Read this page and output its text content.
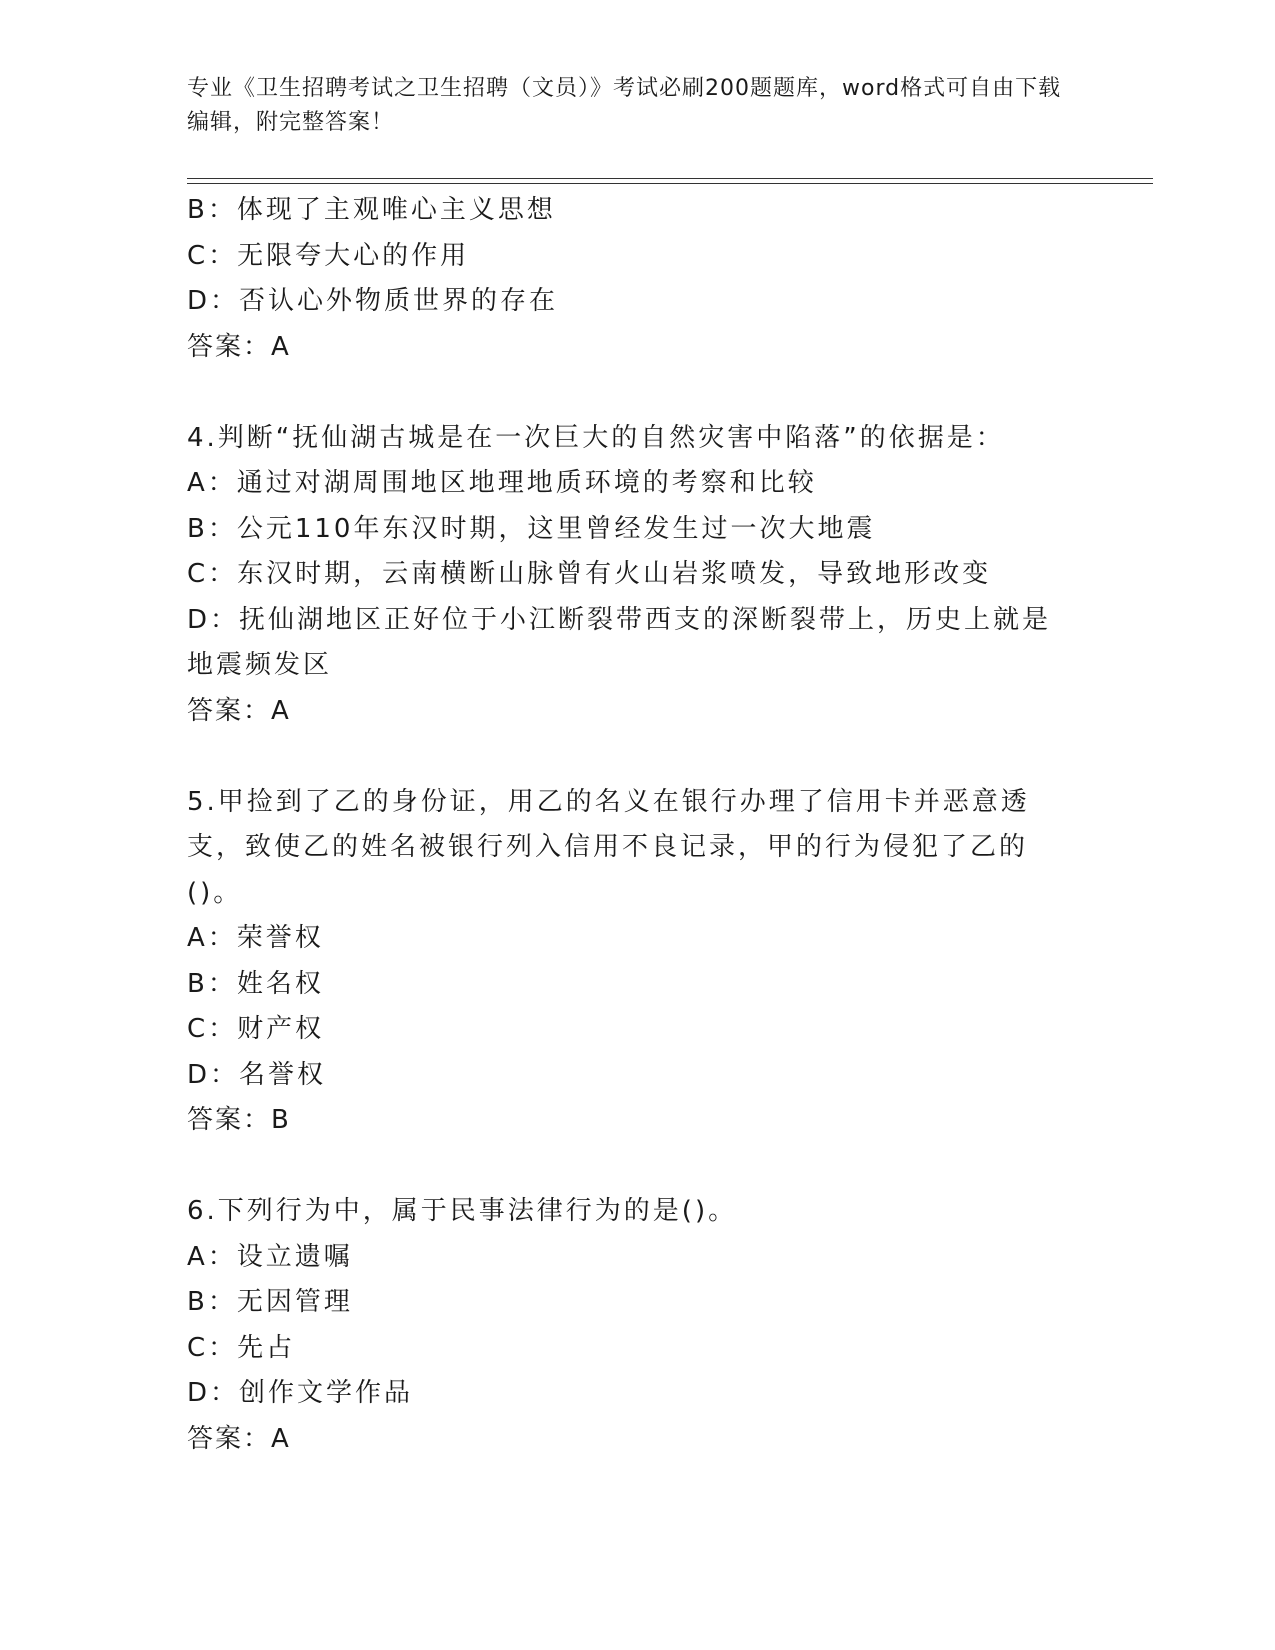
专业《卫生招聘考试之卫生招聘（文员）》考试必刷200题题库，word格式可自由下载编辑，附完整答案！
B：体现了主观唯心主义思想
C：无限夸大心的作用
D：否认心外物质世界的存在
答案：A
4.判断“抚仙湖古城是在一次巨大的自然灾害中陷落”的依据是：
A：通过对湖周围地区地理地质环境的考察和比较
B：公元110年东汉时期，这里曾经发生过一次大地震
C：东汉时期，云南横断山脉曾有火山岩浆喷发，导致地形改变
D：抚仙湖地区正好位于小江断裂带西支的深断裂带上，历史上就是地震频发区
答案：A
5.甲捡到了乙的身份证，用乙的名义在银行办理了信用卡并恶意透支，致使乙的姓名被银行列入信用不良记录，甲的行为侵犯了乙的()。
A：荣誉权
B：姓名权
C：财产权
D：名誉权
答案：B
6.下列行为中，属于民事法律行为的是()。
A：设立遗嘱
B：无因管理
C：先占
D：创作文学作品
答案：A
